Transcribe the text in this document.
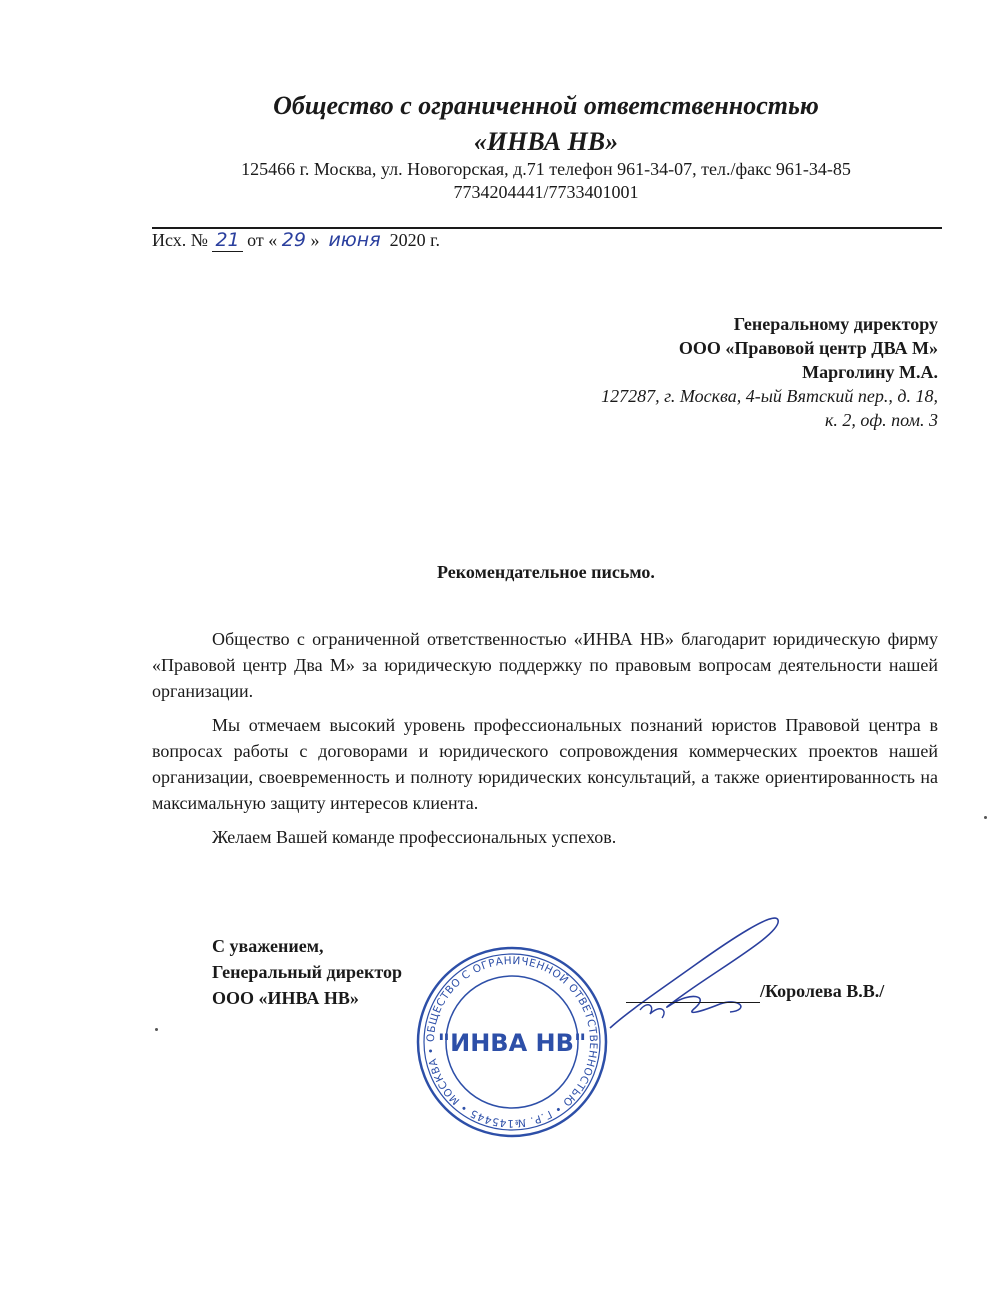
Общество с ограниченной ответственностью
«ИНВА НВ»
125466 г. Москва, ул. Новогорская, д.71 телефон 961-34-07, тел./факс 961-34-85
7734204441/7733401001
Исх. № 21 от « 29 » июня 2020 г.
Генеральному директору
ООО «Правовой центр ДВА М»
Марголину М.А.
127287, г. Москва, 4-ый Вятский пер., д. 18,
к. 2, оф. пом. 3
Рекомендательное письмо.

Общество с ограниченной ответственностью «ИНВА НВ» благодарит юридическую фирму «Правовой центр Два М» за юридическую поддержку по правовым вопросам деятельности нашей организации.

Мы отмечаем высокий уровень профессиональных познаний юристов Правовой центра в вопросах работы с договорами и юридического сопровождения коммерческих проектов нашей организации, своевременность и полноту юридических консультаций, а также ориентированность на максимальную защиту интересов клиента.

Желаем Вашей команде профессиональных успехов.

С уважением,
Генеральный директор
ООО «ИНВА НВ»
ОБЩЕСТВО С ОГРАНИЧЕННОЙ ОТВЕТСТВЕННОСТЬЮ • Г.Р. №145445 • МОСКВА • "ИНВА НВ"
/Королева В.В./
